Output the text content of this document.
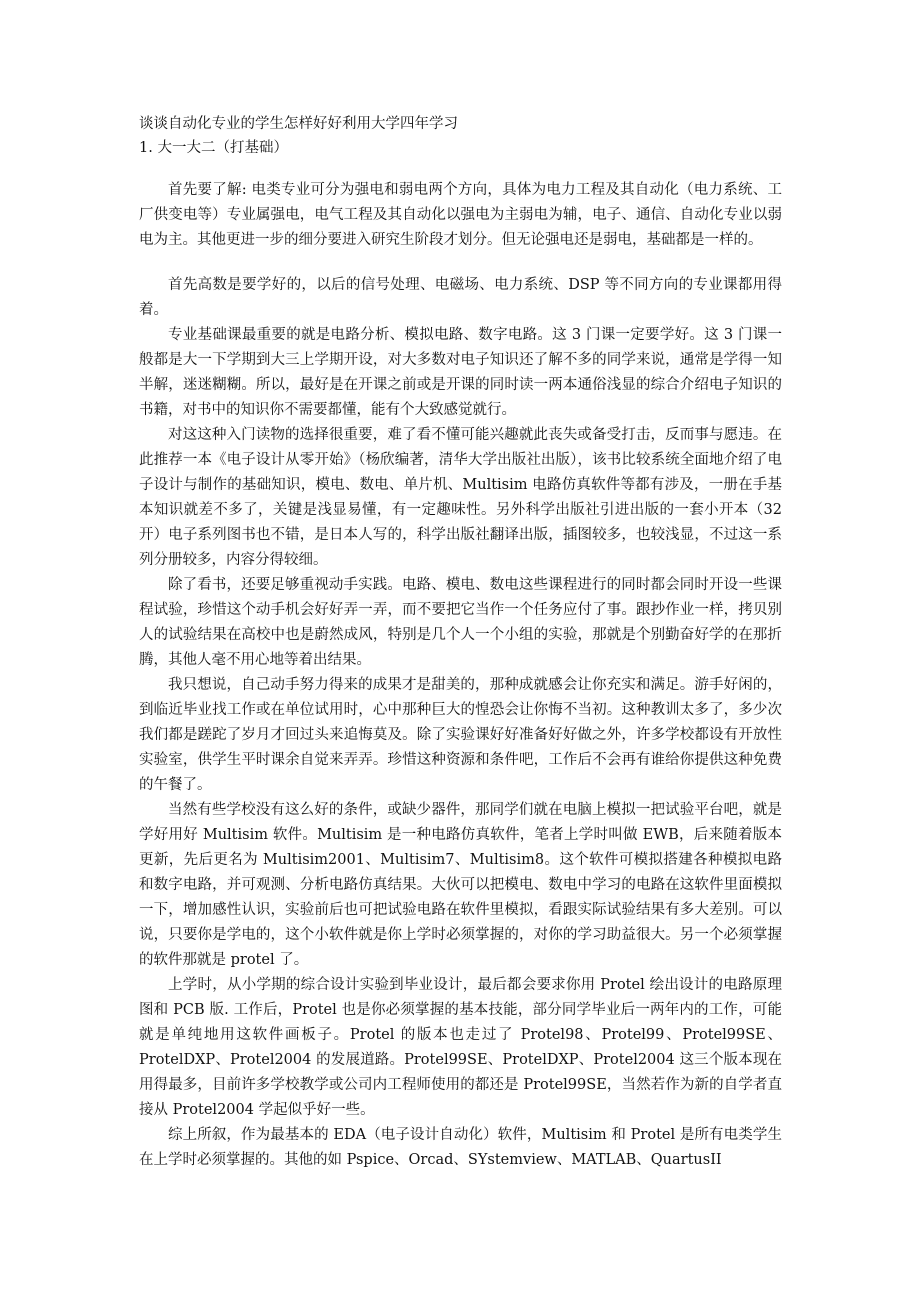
谈谈自动化专业的学生怎样好好利用大学四年学习

1. 大一大二（打基础）

首先要了解: 电类专业可分为强电和弱电两个方向，具体为电力工程及其自动化（电力系统、工厂供变电等）专业属强电，电气工程及其自动化以强电为主弱电为辅，电子、通信、自动化专业以弱电为主。其他更进一步的细分要进入研究生阶段才划分。但无论强电还是弱电，基础都是一样的。

首先高数是要学好的，以后的信号处理、电磁场、电力系统、DSP 等不同方向的专业课都用得着。

专业基础课最重要的就是电路分析、模拟电路、数字电路。这 3 门课一定要学好。这 3 门课一般都是大一下学期到大三上学期开设，对大多数对电子知识还了解不多的同学来说，通常是学得一知半解，迷迷糊糊。所以，最好是在开课之前或是开课的同时读一两本通俗浅显的综合介绍电子知识的书籍，对书中的知识你不需要都懂，能有个大致感觉就行。

对这这种入门读物的选择很重要，难了看不懂可能兴趣就此丧失或备受打击，反而事与愿违。在此推荐一本《电子设计从零开始》（杨欣编著，清华大学出版社出版），该书比较系统全面地介绍了电子设计与制作的基础知识，模电、数电、单片机、Multisim 电路仿真软件等都有涉及，一册在手基本知识就差不多了，关键是浅显易懂，有一定趣味性。另外科学出版社引进出版的一套小开本（32 开）电子系列图书也不错，是日本人写的，科学出版社翻译出版，插图较多，也较浅显，不过这一系列分册较多，内容分得较细。

除了看书，还要足够重视动手实践。电路、模电、数电这些课程进行的同时都会同时开设一些课程试验，珍惜这个动手机会好好弄一弄，而不要把它当作一个任务应付了事。跟抄作业一样，拷贝别人的试验结果在高校中也是蔚然成风，特别是几个人一个小组的实验，那就是个别勤奋好学的在那折腾，其他人毫不用心地等着出结果。

我只想说，自己动手努力得来的成果才是甜美的，那种成就感会让你充实和满足。游手好闲的，到临近毕业找工作或在单位试用时，心中那种巨大的惶恐会让你悔不当初。这种教训太多了，多少次我们都是蹉跎了岁月才回过头来追悔莫及。除了实验课好好准备好好做之外，许多学校都设有开放性实验室，供学生平时课余自觉来弄弄。珍惜这种资源和条件吧，工作后不会再有谁给你提供这种免费的午餐了。

当然有些学校没有这么好的条件，或缺少器件，那同学们就在电脑上模拟一把试验平台吧，就是学好用好 Multisim 软件。Multisim 是一种电路仿真软件，笔者上学时叫做 EWB，后来随着版本更新，先后更名为 Multisim2001、Multisim7、Multisim8。这个软件可模拟搭建各种模拟电路和数字电路，并可观测、分析电路仿真结果。大伙可以把模电、数电中学习的电路在这软件里面模拟一下，增加感性认识，实验前后也可把试验电路在软件里模拟，看跟实际试验结果有多大差别。可以说，只要你是学电的，这个小软件就是你上学时必须掌握的，对你的学习助益很大。另一个必须掌握的软件那就是 protel 了。

上学时，从小学期的综合设计实验到毕业设计，最后都会要求你用 Protel 绘出设计的电路原理图和 PCB 版. 工作后，Protel 也是你必须掌握的基本技能，部分同学毕业后一两年内的工作，可能就是单纯地用这软件画板子。Protel 的版本也走过了 Protel98、Protel99、Protel99SE、ProtelDXP、Protel2004 的发展道路。Protel99SE、ProtelDXP、Protel2004 这三个版本现在用得最多，目前许多学校教学或公司内工程师使用的都还是 Protel99SE，当然若作为新的自学者直接从 Protel2004 学起似乎好一些。

综上所叙，作为最基本的 EDA（电子设计自动化）软件，Multisim 和 Protel 是所有电类学生在上学时必须掌握的。其他的如 Pspice、Orcad、SYstemview、MATLAB、QuartusII
